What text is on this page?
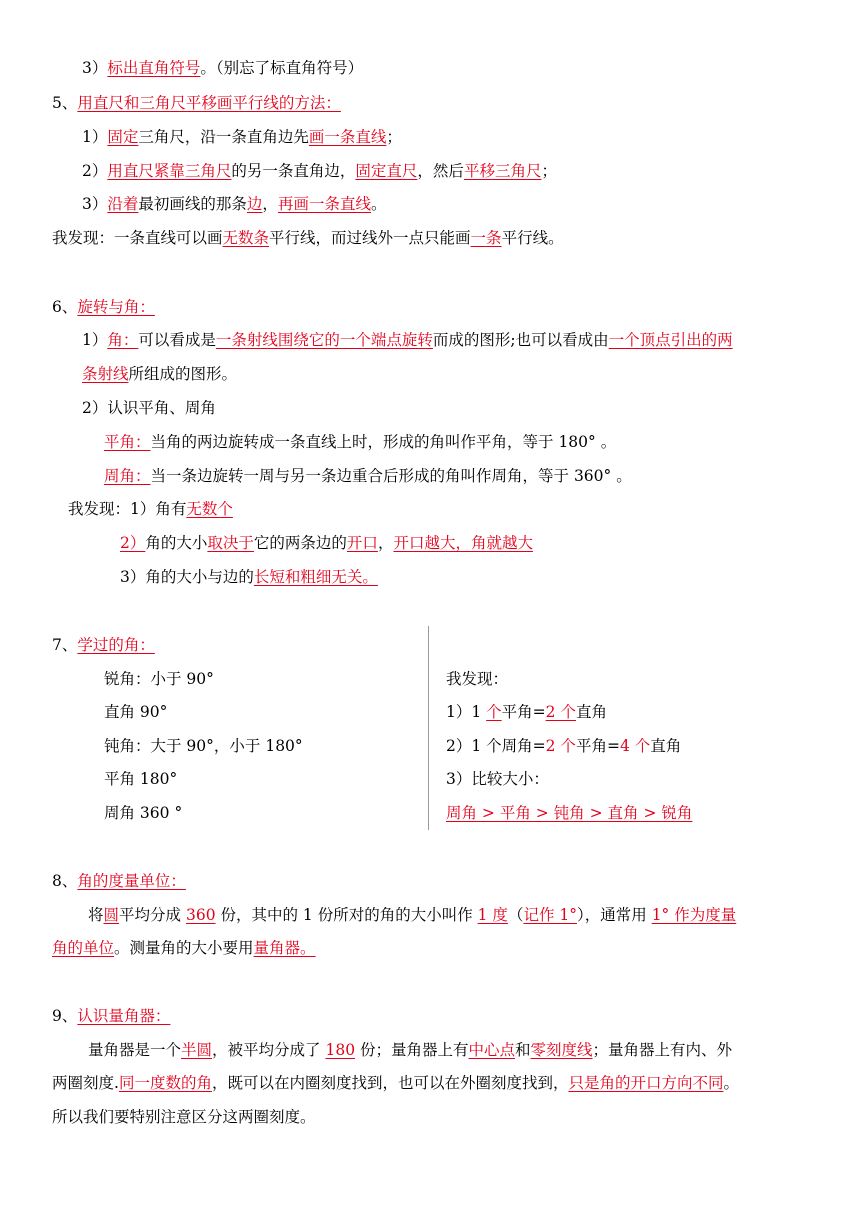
3）标出直角符号。（别忘了标直角符号）
5、用直尺和三角尺平移画平行线的方法：
1）固定三角尺，沿一条直角边先画一条直线；
2）用直尺紧靠三角尺的另一条直角边，固定直尺，然后平移三角尺；
3）沿着最初画线的那条边，再画一条直线。
我发现：一条直线可以画无数条平行线，而过线外一点只能画一条平行线。
6、旋转与角：
1）角：可以看成是一条射线围绕它的一个端点旋转而成的图形;也可以看成由一个顶点引出的两
条射线所组成的图形。
2）认识平角、周角
平角：当角的两边旋转成一条直线上时，形成的角叫作平角，等于 180° 。
周角：当一条边旋转一周与另一条边重合后形成的角叫作周角，等于 360° 。
我发现：1）角有无数个
2）角的大小取决于它的两条边的开口，开口越大，角就越大
3）角的大小与边的长短和粗细无关。
7、学过的角：
锐角：小于 90°
直角 90°
钝角：大于 90°，小于 180°
平角 180°
周角 360 °
我发现：
1）1 个平角=2 个直角
2）1 个周角=2 个平角=4 个直角
3）比较大小：
周角 > 平角 > 钝角 > 直角 > 锐角
8、角的度量单位：
将圆平均分成 360 份，其中的 1 份所对的角的大小叫作 1 度（记作 1°），通常用 1° 作为度量
角的单位。测量角的大小要用量角器。
9、认识量角器：
量角器是一个半圆，被平均分成了 180 份；量角器上有中心点和零刻度线；量角器上有内、外
两圈刻度.同一度数的角，既可以在内圈刻度找到，也可以在外圈刻度找到，只是角的开口方向不同。
所以我们要特别注意区分这两圈刻度。
